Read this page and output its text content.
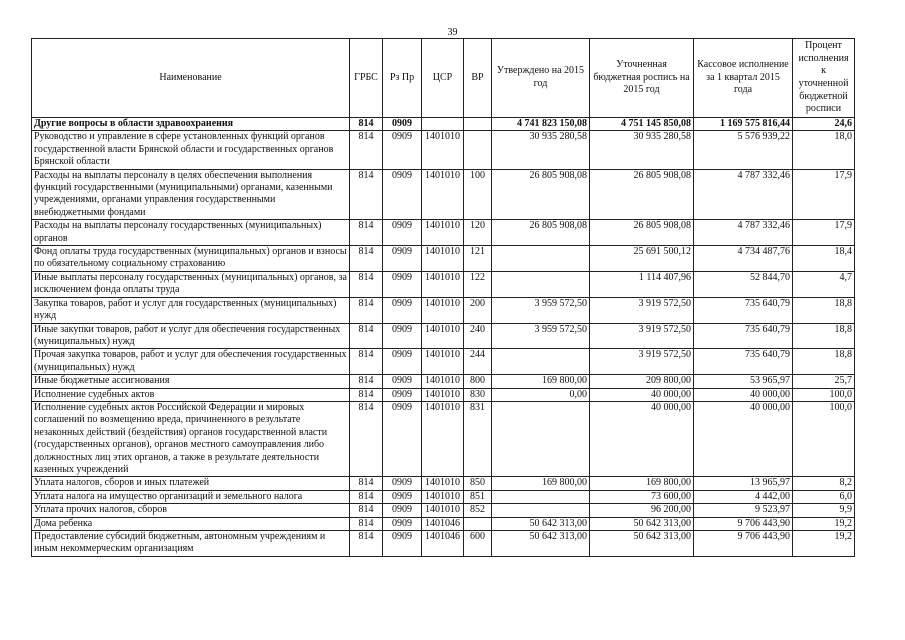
39
Наименование	ГРБС	Рз Пр	ЦСР	ВР	Утверждено на 2015 год	Уточненная бюджетная роспись на 2015 год	Кассовое исполнение за 1 квартал 2015 года	Процент исполнения к уточненной бюджетной росписи
Другие вопросы в области здравоохранения	814	0909			4 741 823 150,08	4 751 145 850,08	1 169 575 816,44	24,6
Руководство и управление в сфере установленных функций органов государственной власти Брянской области и государственных органов Брянской области	814	0909	1401010		30 935 280,58	30 935 280,58	5 576 939,22	18,0
Расходы на выплаты персоналу в целях обеспечения выполнения функций государственными (муниципальными) органами, казенными учреждениями, органами управления государственными внебюджетными фондами	814	0909	1401010	100	26 805 908,08	26 805 908,08	4 787 332,46	17,9
Расходы на выплаты персоналу государственных (муниципальных) органов	814	0909	1401010	120	26 805 908,08	26 805 908,08	4 787 332,46	17,9
Фонд оплаты труда государственных (муниципальных) органов и взносы по обязательному социальному страхованию	814	0909	1401010	121		25 691 500,12	4 734 487,76	18,4
Иные выплаты персоналу государственных (муниципальных) органов, за исключением фонда оплаты труда	814	0909	1401010	122		1 114 407,96	52 844,70	4,7
Закупка товаров, работ и услуг для государственных (муниципальных) нужд	814	0909	1401010	200	3 959 572,50	3 919 572,50	735 640,79	18,8
Иные закупки товаров, работ и услуг для обеспечения государственных (муниципальных) нужд	814	0909	1401010	240	3 959 572,50	3 919 572,50	735 640,79	18,8
Прочая закупка товаров, работ и услуг для обеспечения государственных (муниципальных) нужд	814	0909	1401010	244		3 919 572,50	735 640,79	18,8
Иные бюджетные ассигнования	814	0909	1401010	800	169 800,00	209 800,00	53 965,97	25,7
Исполнение судебных актов	814	0909	1401010	830	0,00	40 000,00	40 000,00	100,0
Исполнение судебных актов Российской Федерации и мировых соглашений по возмещению вреда, причиненного в результате незаконных действий (бездействия) органов государственной власти (государственных органов), органов местного самоуправления либо должностных лиц этих органов, а также в результате деятельности казенных учреждений	814	0909	1401010	831		40 000,00	40 000,00	100,0
Уплата налогов, сборов и иных платежей	814	0909	1401010	850	169 800,00	169 800,00	13 965,97	8,2
Уплата налога на имущество организаций и земельного налога	814	0909	1401010	851		73 600,00	4 442,00	6,0
Уплата прочих налогов, сборов	814	0909	1401010	852		96 200,00	9 523,97	9,9
Дома ребенка	814	0909	1401046		50 642 313,00	50 642 313,00	9 706 443,90	19,2
Предоставление субсидий бюджетным, автономным учреждениям и иным некоммерческим организациям	814	0909	1401046	600	50 642 313,00	50 642 313,00	9 706 443,90	19,2
